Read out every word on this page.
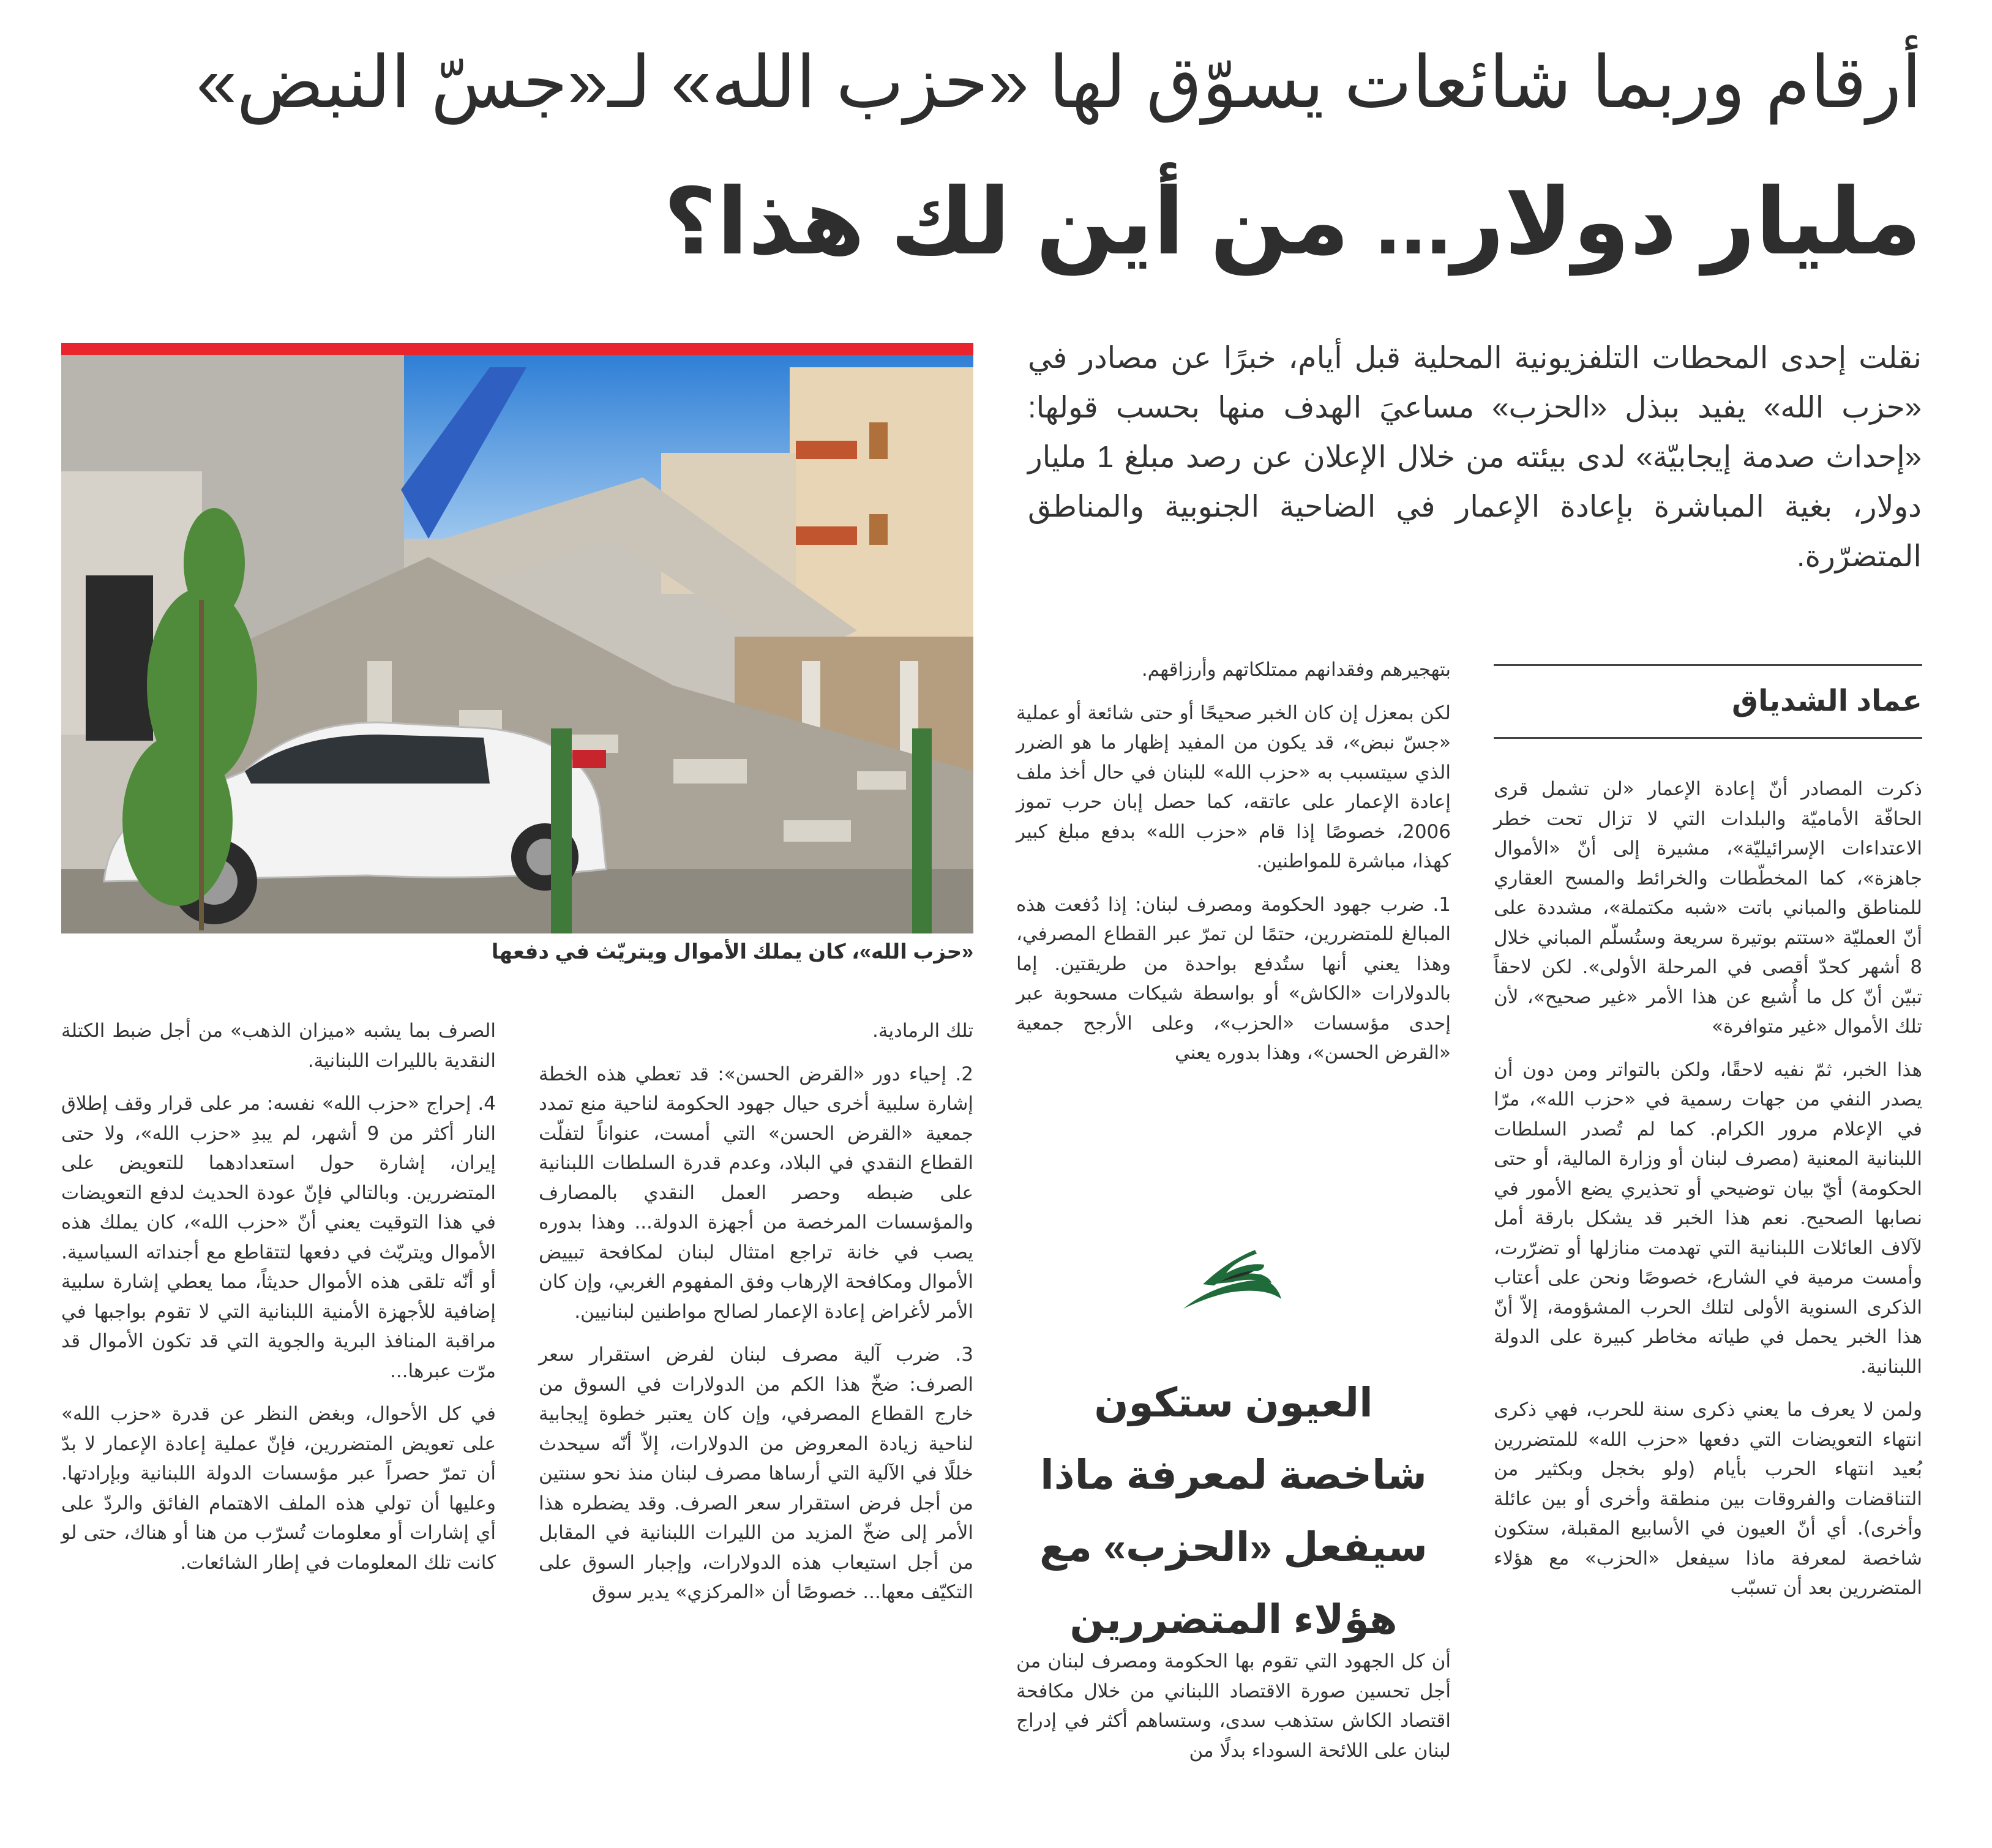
أرقام وربما شائعات يسوّق لها «حزب الله» لـ«جسّ النبض»
مليار دولار... من أين لك هذا؟
نقلت إحدى المحطات التلفزيونية المحلية قبل أيام، خبرًا عن مصادر في «حزب الله» يفيد ببذل «الحزب» مساعيَ الهدف منها بحسب قولها: «إحداث صدمة إيجابيّة» لدى بيئته من خلال الإعلان عن رصد مبلغ 1 مليار دولار، بغية المباشرة بإعادة الإعمار في الضاحية الجنوبية والمناطق المتضرّرة.
«حزب الله»، كان يملك الأموال ويتريّث في دفعها
عماد الشدياق

ذكرت المصادر أنّ إعادة الإعمار «لن تشمل قرى الحافّة الأماميّة والبلدات التي لا تزال تحت خطر الاعتداءات الإسرائيليّة»، مشيرة إلى أنّ «الأموال جاهزة»، كما المخطّطات والخرائط والمسح العقاري للمناطق والمباني باتت «شبه مكتملة»، مشددة على أنّ العمليّة «ستتم بوتيرة سريعة وستُسلّم المباني خلال 8 أشهر كحدّ أقصى في المرحلة الأولى». لكن لاحقاً تبيّن أنّ كل ما أُشيع عن هذا الأمر «غير صحيح»، لأن تلك الأموال «غير متوافرة»

هذا الخبر، ثمّ نفيه لاحقًا، ولكن بالتواتر ومن دون أن يصدر النفي من جهات رسمية في «حزب الله»، مرّا في الإعلام مرور الكرام. كما لم تُصدر السلطات اللبنانية المعنية (مصرف لبنان أو وزارة المالية، أو حتى الحكومة) أيّ بيان توضيحي أو تحذيري يضع الأمور في نصابها الصحيح. نعم هذا الخبر قد يشكل بارقة أمل لآلاف العائلات اللبنانية التي تهدمت منازلها أو تضرّرت، وأمست مرمية في الشارع، خصوصًا ونحن على أعتاب الذكرى السنوية الأولى لتلك الحرب المشؤومة، إلاّ أنّ هذا الخبر يحمل في طياته مخاطر كبيرة على الدولة اللبنانية.

ولمن لا يعرف ما يعني ذكرى سنة للحرب، فهي ذكرى انتهاء التعويضات التي دفعها «حزب الله» للمتضررين بُعيد انتهاء الحرب بأيام (ولو بخجل وبكثير من التناقضات والفروقات بين منطقة وأخرى أو بين عائلة وأخرى). أي أنّ العيون في الأسابيع المقبلة، ستكون شاخصة لمعرفة ماذا سيفعل «الحزب» مع هؤلاء المتضررين بعد أن تسبّب

بتهجيرهم وفقدانهم ممتلكاتهم وأرزاقهم.

لكن بمعزل إن كان الخبر صحيحًا أو حتى شائعة أو عملية «جسّ نبض»، قد يكون من المفيد إظهار ما هو الضرر الذي سيتسبب به «حزب الله» للبنان في حال أخذ ملف إعادة الإعمار على عاتقه، كما حصل إبان حرب تموز 2006، خصوصًا إذا قام «حزب الله» بدفع مبلغ كبير كهذا، مباشرة للمواطنين.

1. ضرب جهود الحكومة ومصرف لبنان: إذا دُفعت هذه المبالغ للمتضررين، حتمًا لن تمرّ عبر القطاع المصرفي، وهذا يعني أنها ستُدفع بواحدة من طريقتين. إما بالدولارات «الكاش» أو بواسطة شيكات مسحوبة عبر إحدى مؤسسات «الحزب»، وعلى الأرجح جمعية «القرض الحسن»، وهذا بدوره يعني

العيون ستكون شاخصة لمعرفة ماذا سيفعل «الحزب» مع هؤلاء المتضررين

أن كل الجهود التي تقوم بها الحكومة ومصرف لبنان من أجل تحسين صورة الاقتصاد اللبناني من خلال مكافحة اقتصاد الكاش ستذهب سدى، وستساهم أكثر في إدراج لبنان على اللائحة السوداء بدلًا من

تلك الرمادية.

2. إحياء دور «القرض الحسن»: قد تعطي هذه الخطة إشارة سلبية أخرى حيال جهود الحكومة لناحية منع تمدد جمعية «القرض الحسن» التي أمست، عنواناً لتفلّت القطاع النقدي في البلاد، وعدم قدرة السلطات اللبنانية على ضبطه وحصر العمل النقدي بالمصارف والمؤسسات المرخصة من أجهزة الدولة... وهذا بدوره يصب في خانة تراجع امتثال لبنان لمكافحة تبييض الأموال ومكافحة الإرهاب وفق المفهوم الغربي، وإن كان الأمر لأغراض إعادة الإعمار لصالح مواطنين لبنانيين.

3. ضرب آلية مصرف لبنان لفرض استقرار سعر الصرف: ضخّ هذا الكم من الدولارات في السوق من خارج القطاع المصرفي، وإن كان يعتبر خطوة إيجابية لناحية زيادة المعروض من الدولارات، إلاّ أنّه سيحدث خللًا في الآلية التي أرساها مصرف لبنان منذ نحو سنتين من أجل فرض استقرار سعر الصرف. وقد يضطره هذا الأمر إلى ضخّ المزيد من الليرات اللبنانية في المقابل من أجل استيعاب هذه الدولارات، وإجبار السوق على التكيّف معها... خصوصًا أن «المركزي» يدير سوق

الصرف بما يشبه «ميزان الذهب» من أجل ضبط الكتلة النقدية بالليرات اللبنانية.

4. إحراج «حزب الله» نفسه: مر على قرار وقف إطلاق النار أكثر من 9 أشهر، لم يبدِ «حزب الله»، ولا حتى إيران، إشارة حول استعدادهما للتعويض على المتضررين. وبالتالي فإنّ عودة الحديث لدفع التعويضات في هذا التوقيت يعني أنّ «حزب الله»، كان يملك هذه الأموال ويتريّث في دفعها لتتقاطع مع أجنداته السياسية. أو أنّه تلقى هذه الأموال حديثاً، مما يعطي إشارة سلبية إضافية للأجهزة الأمنية اللبنانية التي لا تقوم بواجبها في مراقبة المنافذ البرية والجوية التي قد تكون الأموال قد مرّت عبرها...

في كل الأحوال، وبغض النظر عن قدرة «حزب الله» على تعويض المتضررين، فإنّ عملية إعادة الإعمار لا بدّ أن تمرّ حصراً عبر مؤسسات الدولة اللبنانية وبإرادتها. وعليها أن تولي هذه الملف الاهتمام الفائق والردّ على أي إشارات أو معلومات تُسرّب من هنا أو هناك، حتى لو كانت تلك المعلومات في إطار الشائعات.
